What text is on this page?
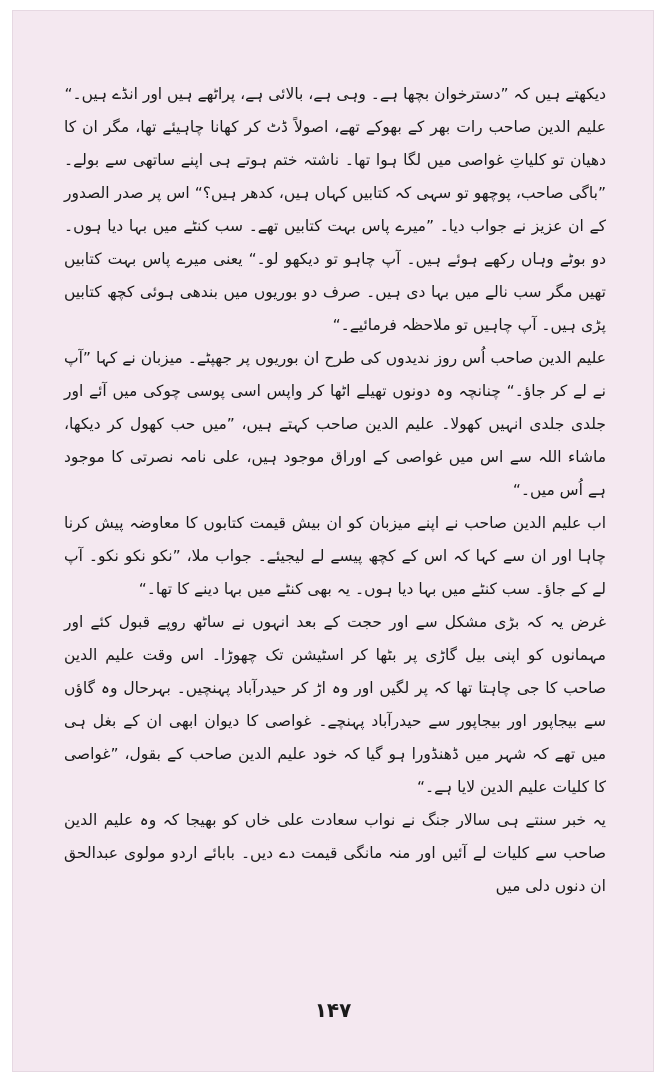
دیکھتے ہیں کہ ”دسترخوان بچھا ہے۔ وہی ہے، بالائی ہے، پراٹھے ہیں اور انڈے ہیں۔“

علیم الدین صاحب رات بھر کے بھوکے تھے، اصولاً ڈٹ کر کھانا چاہیئے تھا، مگر ان کا دھیان تو کلیاتِ غواصی میں لگا ہوا تھا۔ ناشتہ ختم ہوتے ہی اپنے ساتھی سے بولے۔ ”باگی صاحب، پوچھو تو سہی کہ کتابیں کہاں ہیں، کدھر ہیں؟“ اس پر صدر الصدور کے ان عزیز نے جواب دیا۔ ”میرے پاس بہت کتابیں تھے۔ سب کنٹے میں بہا دیا ہوں۔ دو بوٹے وہاں رکھے ہوئے ہیں۔ آپ چاہو تو دیکھو لو۔“ یعنی میرے پاس بہت کتابیں تھیں مگر سب نالے میں بہا دی ہیں۔ صرف دو بوریوں میں بندھی ہوئی کچھ کتابیں پڑی ہیں۔ آپ چاہیں تو ملاحظہ فرمائیے۔“

علیم الدین صاحب اُس روز ندیدوں کی طرح ان بوریوں پر جھپٹے۔ میزبان نے کہا ”آپ نے لے کر جاؤ۔“ چنانچہ وہ دونوں تھیلے اٹھا کر واپس اسی پوسی چوکی میں آئے اور جلدی جلدی انہیں کھولا۔ علیم الدین صاحب کہتے ہیں، ”میں حب کھول کر دیکھا، ماشاء اللہ سے اس میں غواصی کے اوراق موجود ہیں، علی نامہ نصرتی کا موجود ہے اُس میں۔“

اب علیم الدین صاحب نے اپنے میزبان کو ان بیش قیمت کتابوں کا معاوضہ پیش کرنا چاہا اور ان سے کہا کہ اس کے کچھ پیسے لے لیجیئے۔ جواب ملا، ”نکو نکو نکو۔ آپ لے کے جاؤ۔ سب کنٹے میں بہا دیا ہوں۔ یہ بھی کنٹے میں بہا دینے کا تھا۔“

غرض یہ کہ بڑی مشکل سے اور حجت کے بعد انہوں نے ساٹھ روپے قبول کئے اور مہمانوں کو اپنی بیل گاڑی پر بٹھا کر اسٹیشن تک چھوڑا۔ اس وقت علیم الدین صاحب کا جی چاہتا تھا کہ پر لگیں اور وہ اڑ کر حیدرآباد پہنچیں۔ بہرحال وہ گاؤں سے بیجاپور اور بیجاپور سے حیدرآباد پہنچے۔ غواصی کا دیوان ابھی ان کے بغل ہی میں تھے کہ شہر میں ڈھنڈورا ہو گیا کہ خود علیم الدین صاحب کے بقول، ”غواصی کا کلیات علیم الدین لایا ہے۔“

یہ خبر سنتے ہی سالار جنگ نے نواب سعادت علی خاں کو بھیجا کہ وہ علیم الدین صاحب سے کلیات لے آئیں اور منہ مانگی قیمت دے دیں۔ بابائے اردو مولوی عبدالحق ان دنوں دلی میں

۱۴۷
